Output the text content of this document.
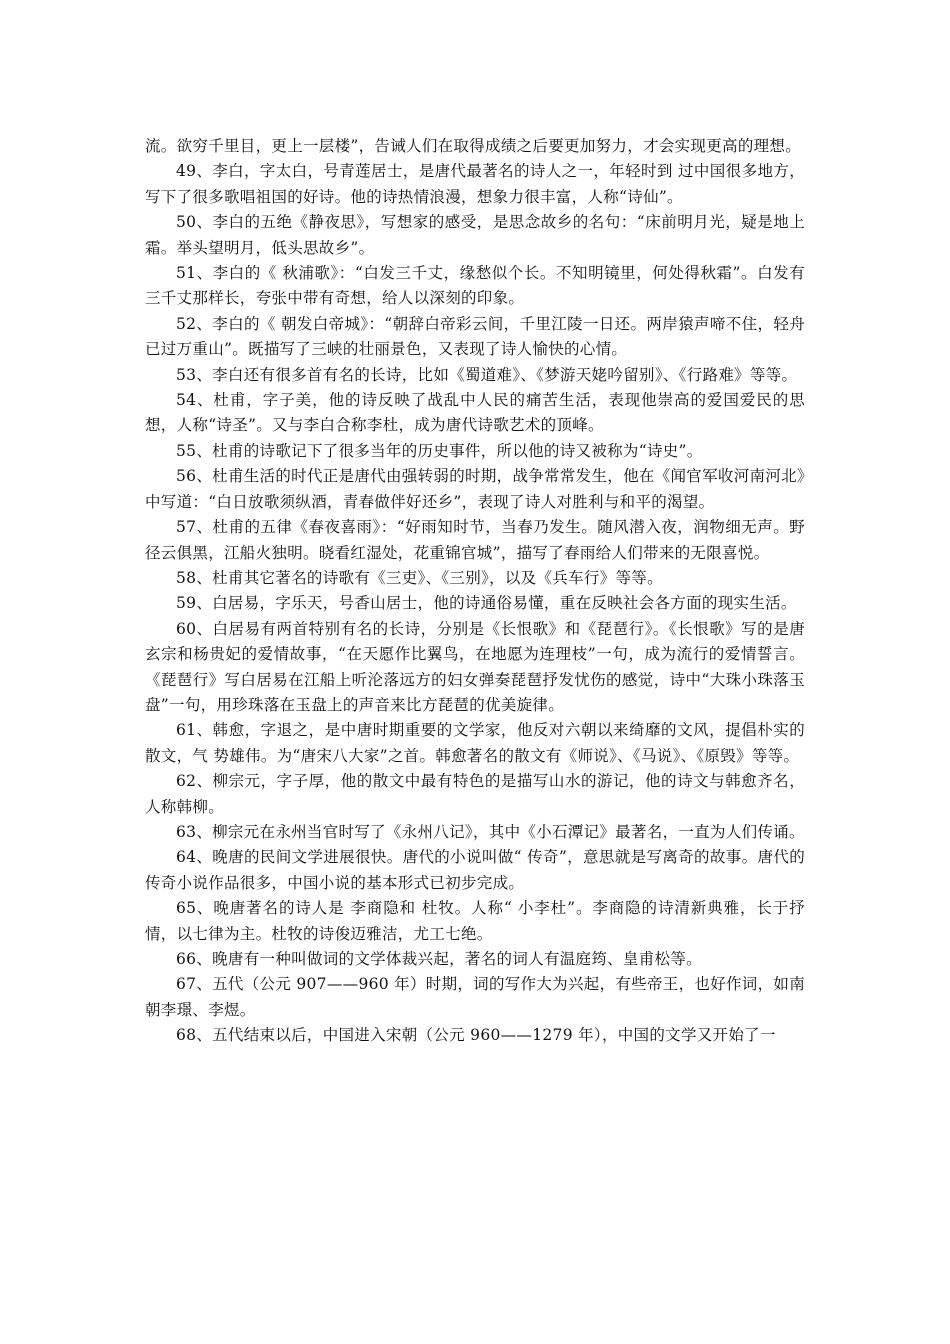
流。欲穷千里目，更上一层楼”，告诫人们在取得成绩之后要更加努力，才会实现更高的理想。

49、李白，字太白，号青莲居士，是唐代最著名的诗人之一，年轻时到 过中国很多地方，写下了很多歌唱祖国的好诗。他的诗热情浪漫，想象力很丰富，人称“诗仙”。

50、李白的五绝《静夜思》，写想家的感受，是思念故乡的名句：“床前明月光，疑是地上霜。举头望明月，低头思故乡”。

51、李白的《 秋浦歌》：“白发三千丈，缘愁似个长。不知明镜里，何处得秋霜”。白发有三千丈那样长，夸张中带有奇想，给人以深刻的印象。

52、李白的《 朝发白帝城》：“朝辞白帝彩云间，千里江陵一日还。两岸猿声啼不住，轻舟已过万重山”。既描写了三峡的壮丽景色，又表现了诗人愉快的心情。

53、李白还有很多首有名的长诗，比如《蜀道难》、《梦游天姥吟留别》、《行路难》等等。

54、杜甫，字子美，他的诗反映了战乱中人民的痛苦生活，表现他崇高的爱国爱民的思想，人称“诗圣”。又与李白合称李杜，成为唐代诗歌艺术的顶峰。

55、杜甫的诗歌记下了很多当年的历史事件，所以他的诗又被称为“诗史”。

56、杜甫生活的时代正是唐代由强转弱的时期，战争常常发生，他在《闻官军收河南河北》中写道：“白日放歌须纵酒，青春做伴好还乡”，表现了诗人对胜利与和平的渴望。

57、杜甫的五律《春夜喜雨》：“好雨知时节，当春乃发生。随风潜入夜，润物细无声。野径云俱黑，江船火独明。晓看红湿处，花重锦官城”，描写了春雨给人们带来的无限喜悦。

58、杜甫其它著名的诗歌有《三吏》、《三别》，以及《兵车行》等等。

59、白居易，字乐天，号香山居士，他的诗通俗易懂，重在反映社会各方面的现实生活。

60、白居易有两首特别有名的长诗，分别是《长恨歌》和《琵琶行》。《长恨歌》写的是唐玄宗和杨贵妃的爱情故事，“在天愿作比翼鸟，在地愿为连理枝”一句，成为流行的爱情誓言。《琵琶行》写白居易在江船上听沦落远方的妇女弹奏琵琶抒发忧伤的感觉，诗中“大珠小珠落玉盘”一句，用珍珠落在玉盘上的声音来比方琵琶的优美旋律。

61、韩愈，字退之，是中唐时期重要的文学家，他反对六朝以来绮靡的文风，提倡朴实的散文，气 势雄伟。为“唐宋八大家”之首。韩愈著名的散文有《师说》、《马说》、《原毁》等等。

62、柳宗元，字子厚，他的散文中最有特色的是描写山水的游记，他的诗文与韩愈齐名，人称韩柳。

63、柳宗元在永州当官时写了《永州八记》，其中《小石潭记》最著名，一直为人们传诵。

64、晚唐的民间文学进展很快。唐代的小说叫做“ 传奇”，意思就是写离奇的故事。唐代的传奇小说作品很多，中国小说的基本形式已初步完成。

65、晚唐著名的诗人是 李商隐和 杜牧。人称“ 小李杜”。李商隐的诗清新典雅，长于抒情，以七律为主。杜牧的诗俊迈雅洁，尤工七绝。

66、晚唐有一种叫做词的文学体裁兴起，著名的词人有温庭筠、皇甫松等。

67、五代（公元 907——960 年）时期，词的写作大为兴起，有些帝王，也好作词，如南朝李璟、李煜。

68、五代结束以后，中国进入宋朝（公元 960——1279 年），中国的文学又开始了一
